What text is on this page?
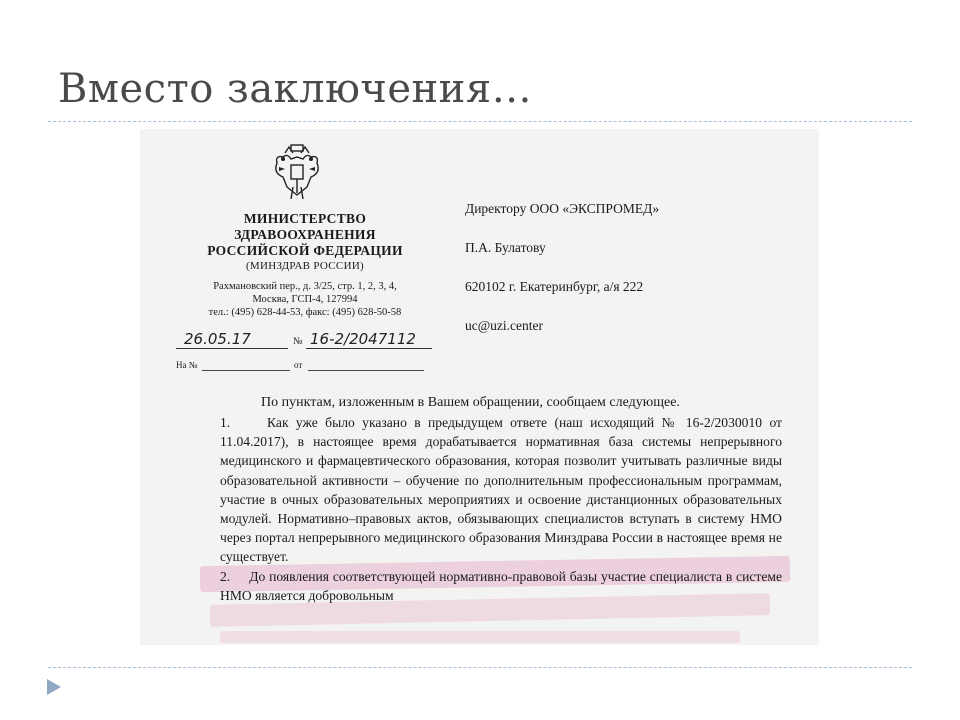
Вместо заключения…
МИНИСТЕРСТВО
ЗДРАВООХРАНЕНИЯ
РОССИЙСКОЙ ФЕДЕРАЦИИ
(МИНЗДРАВ РОССИИ)
Рахмановский пер., д. 3/25, стр. 1, 2, 3, 4,
Москва, ГСП-4, 127994
тел.: (495) 628-44-53, факс: (495) 628-50-58
26.05.17	№ 16-2/2047112
На №	от
Директору ООО «ЭКСПРОМЕД»
П.А. Булатову
620102 г. Екатеринбург, а/я 222
uc@uzi.center
По пунктам, изложенным в Вашем обращении, сообщаем следующее.

1.     Как уже было указано в предыдущем ответе (наш исходящий № 16-2/2030010 от 11.04.2017), в настоящее время дорабатывается нормативная база системы непрерывного медицинского и фармацевтического образования, которая позволит учитывать различные виды образовательной активности – обучение по дополнительным профессиональным программам, участие в очных образовательных мероприятиях и освоение дистанционных образовательных модулей. Нормативно–правовых актов, обязывающих специалистов вступать в систему НМО через портал непрерывного медицинского образования Минздрава России в настоящее время не существует.

2.     До появления соответствующей нормативно-правовой базы участие специалиста в системе НМО является добровольным
